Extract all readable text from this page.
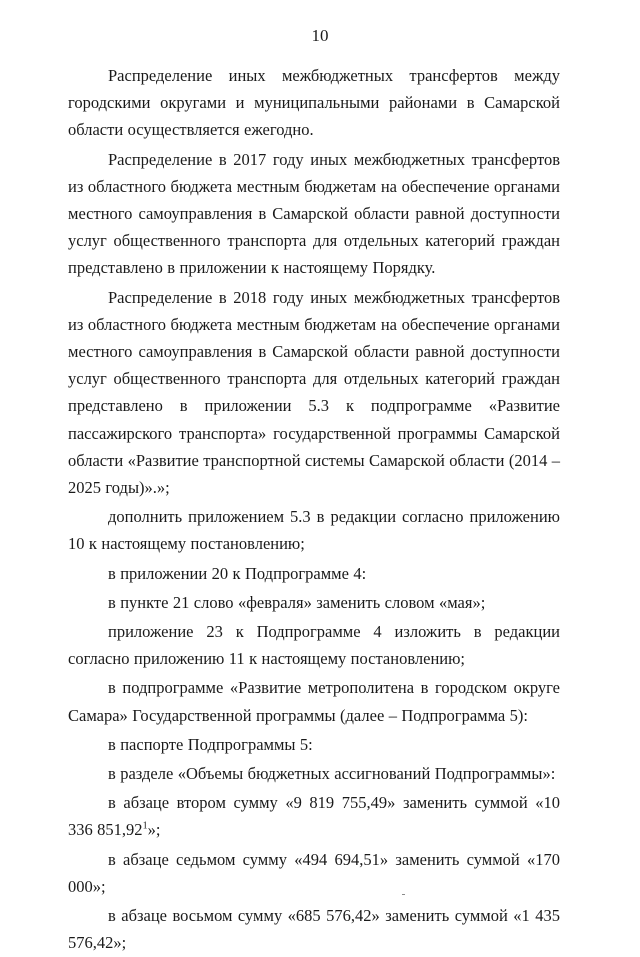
10

Распределение иных межбюджетных трансфертов между городскими округами и муниципальными районами в Самарской области осуществляется ежегодно.

Распределение в 2017 году иных межбюджетных трансфертов из областного бюджета местным бюджетам на обеспечение органами местного самоуправления в Самарской области равной доступности услуг общественного транспорта для отдельных категорий граждан представлено в приложении к настоящему Порядку.

Распределение в 2018 году иных межбюджетных трансфертов из областного бюджета местным бюджетам на обеспечение органами местного самоуправления в Самарской области равной доступности услуг общественного транспорта для отдельных категорий граждан представлено в приложении 5.3 к подпрограмме «Развитие пассажирского транспорта» государственной программы Самарской области «Развитие транспортной системы Самарской области (2014 – 2025 годы)».»;

дополнить приложением 5.3 в редакции согласно приложению 10 к настоящему постановлению;

в приложении 20 к Подпрограмме 4:

в пункте 21 слово «февраля» заменить словом «мая»;

приложение 23 к Подпрограмме 4 изложить в редакции согласно приложению 11 к настоящему постановлению;

в подпрограмме «Развитие метрополитена в городском округе Самара» Государственной программы (далее – Подпрограмма 5):

в паспорте Подпрограммы 5:

в разделе «Объемы бюджетных ассигнований Подпрограммы»:

в абзаце втором сумму «9 819 755,49» заменить суммой «10 336 851,92$^1$»;

в абзаце седьмом сумму «494 694,51» заменить суммой «170 000»;

в абзаце восьмом сумму «685 576,42» заменить суммой «1 435 576,42»;
